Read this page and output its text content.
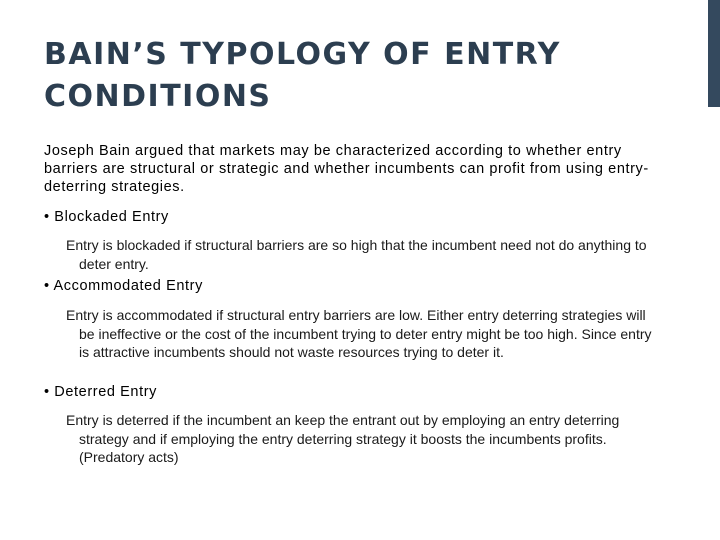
BAIN’S TYPOLOGY OF ENTRY CONDITIONS

Joseph Bain argued that markets may be characterized according to whether entry barriers are structural or strategic and whether incumbents can profit from using entry-deterring strategies.

• Blockaded Entry

Entry is blockaded if structural barriers are so high that the incumbent need not do anything to deter entry.

• Accommodated Entry

Entry is accommodated if structural entry barriers are low. Either entry deterring strategies will be ineffective or the cost of the incumbent trying to deter entry might be too high. Since entry is attractive incumbents should not waste resources trying to deter it.

• Deterred Entry

Entry is deterred if the incumbent an keep the entrant out by employing an entry deterring strategy and if employing the entry deterring strategy it boosts the incumbents profits. (Predatory acts)
